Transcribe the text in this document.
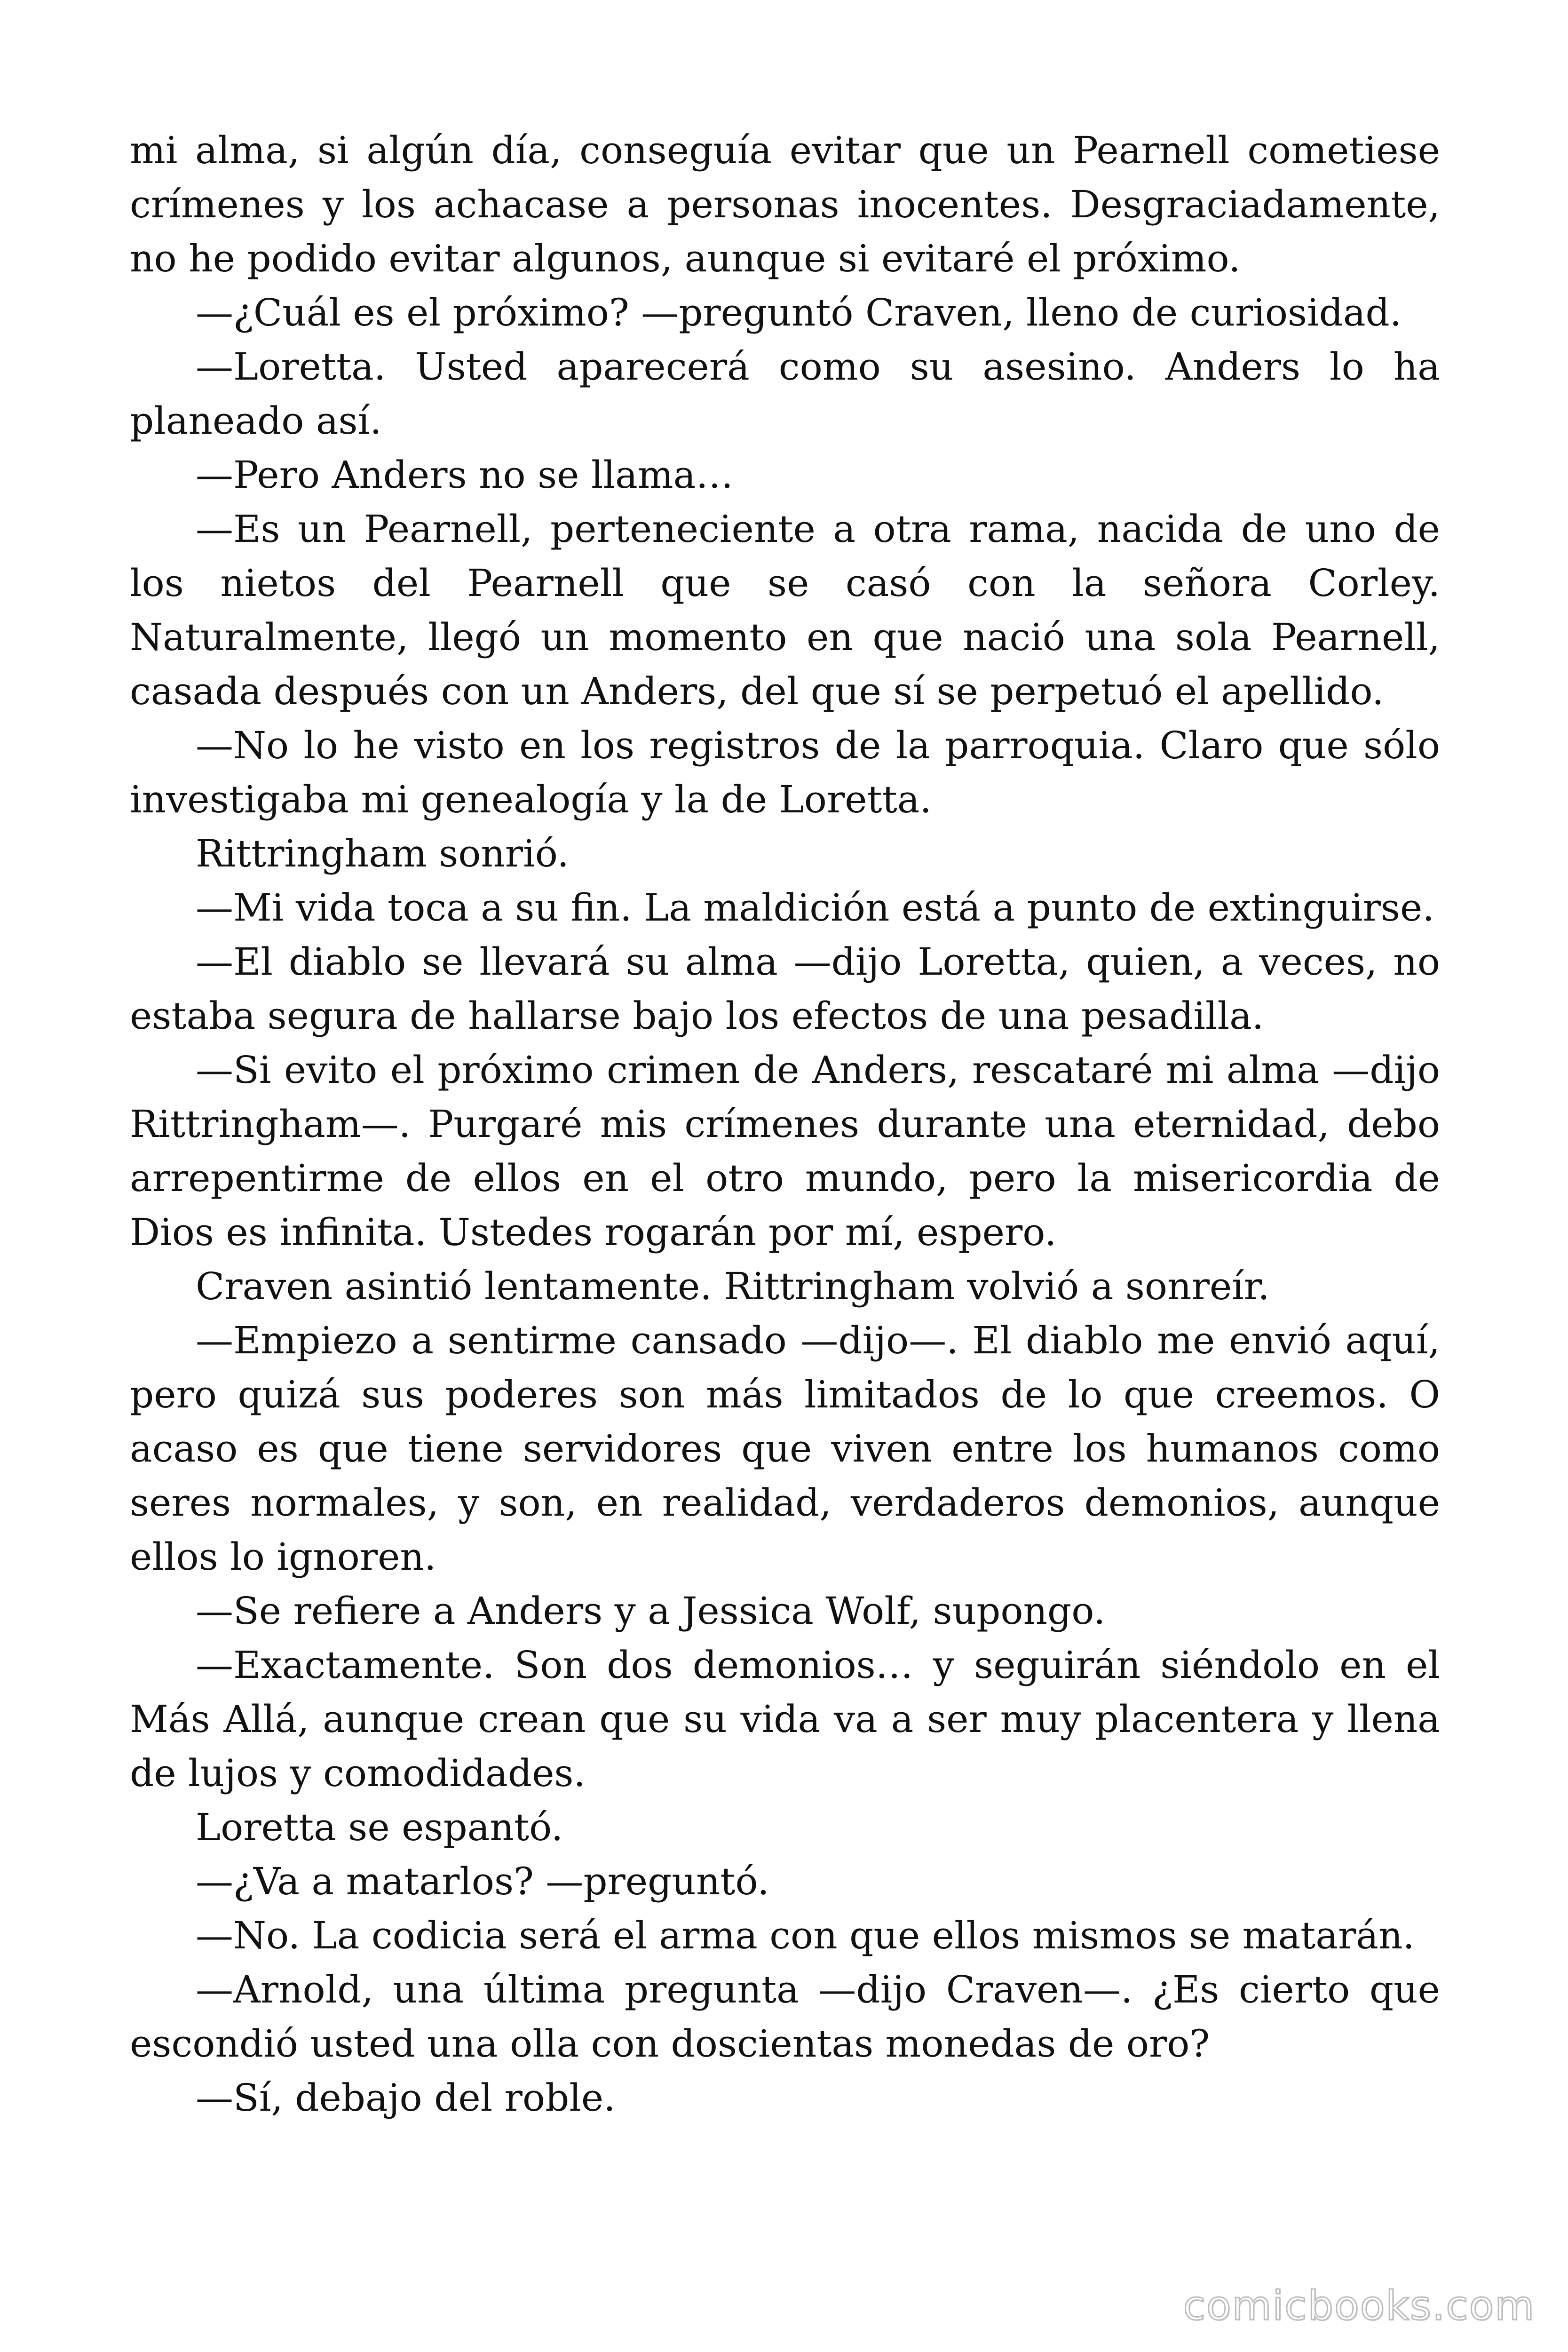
mi alma, si algún día, conseguía evitar que un Pearnell cometiese crímenes y los achacase a personas inocentes. Desgraciadamente, no he podido evitar algunos, aunque si evitaré el próximo.

—¿Cuál es el próximo? —preguntó Craven, lleno de curiosidad.

—Loretta. Usted aparecerá como su asesino. Anders lo ha planeado así.

—Pero Anders no se llama…

—Es un Pearnell, perteneciente a otra rama, nacida de uno de los nietos del Pearnell que se casó con la señora Corley. Naturalmente, llegó un momento en que nació una sola Pearnell, casada después con un Anders, del que sí se perpetuó el apellido.

—No lo he visto en los registros de la parroquia. Claro que sólo investigaba mi genealogía y la de Loretta.

Rittringham sonrió.

—Mi vida toca a su fin. La maldición está a punto de extinguirse.

—El diablo se llevará su alma —dijo Loretta, quien, a veces, no estaba segura de hallarse bajo los efectos de una pesadilla.

—Si evito el próximo crimen de Anders, rescataré mi alma —dijo Rittringham—. Purgaré mis crímenes durante una eternidad, debo arrepentirme de ellos en el otro mundo, pero la misericordia de Dios es infinita. Ustedes rogarán por mí, espero.

Craven asintió lentamente. Rittringham volvió a sonreír.

—Empiezo a sentirme cansado —dijo—. El diablo me envió aquí, pero quizá sus poderes son más limitados de lo que creemos. O acaso es que tiene servidores que viven entre los humanos como seres normales, y son, en realidad, verdaderos demonios, aunque ellos lo ignoren.

—Se refiere a Anders y a Jessica Wolf, supongo.

—Exactamente. Son dos demonios… y seguirán siéndolo en el Más Allá, aunque crean que su vida va a ser muy placentera y llena de lujos y comodidades.

Loretta se espantó.

—¿Va a matarlos? —preguntó.

—No. La codicia será el arma con que ellos mismos se matarán.

—Arnold, una última pregunta —dijo Craven—. ¿Es cierto que escondió usted una olla con doscientas monedas de oro?

—Sí, debajo del roble.

comicbooks.com
